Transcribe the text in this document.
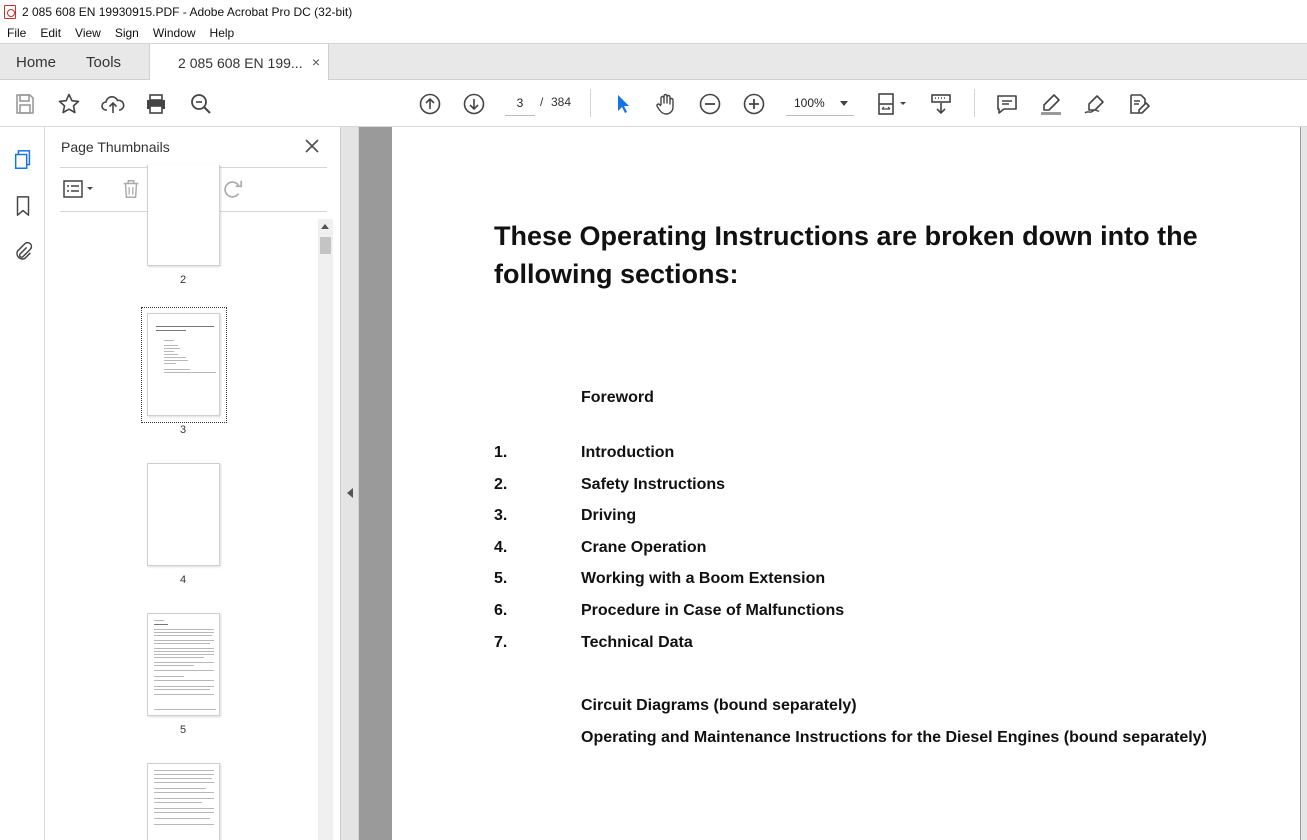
2 085 608 EN 19930915.PDF - Adobe Acrobat Pro DC (32-bit)
File	Edit	View	Sign	Window	Help
Home	Tools	2 085 608 EN 199... ×
3	/ 384	100%
Page Thumbnails
2
3
4
5
These Operating Instructions are broken down into the following sections:
Foreword
1.	Introduction
2.	Safety Instructions
3.	Driving
4.	Crane Operation
5.	Working with a Boom Extension
6.	Procedure in Case of Malfunctions
7.	Technical Data
Circuit Diagrams (bound separately)
Operating and Maintenance Instructions for the Diesel Engines (bound separately)
